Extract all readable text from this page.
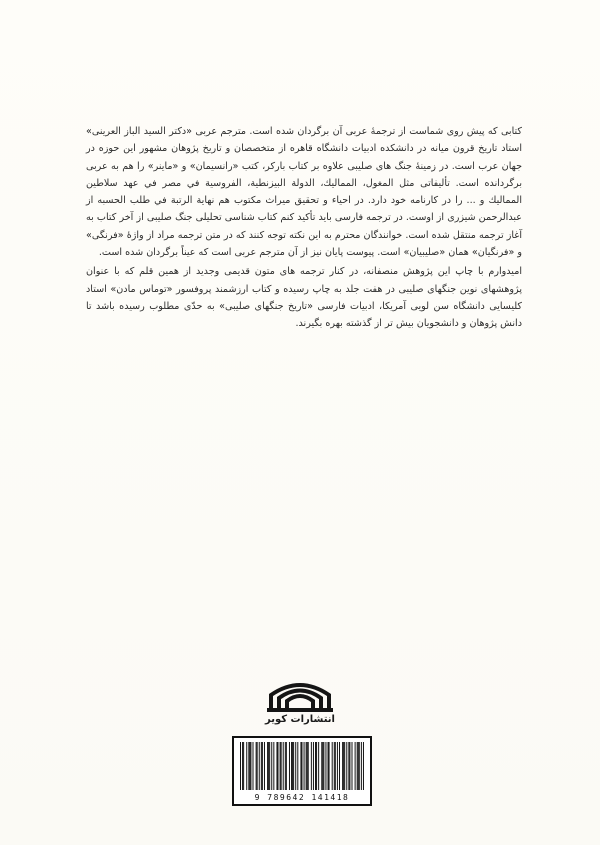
کتابی که پیش روی شماست از ترجمهٔ عربی آن برگردان شده است. مترجم عربی «دکتر السید الباز العرینی» استاد تاریخ قرون میانه در دانشکده ادبیات دانشگاه قاهره از متخصصان و تاریخ پژوهان مشهور این حوزه در جهان عرب است. در زمینهٔ جنگ های صلیبی علاوه بر کتاب بارکر، کتب «رانسیمان» و «ماینر» را هم به عربی برگردانده است. تألیفاتی مثل المغول، المماليك، الدولة البيزنطية، الفروسية في مصر في عهد سلاطين المماليك و ... را در کارنامه خود دارد. در احیاء و تحقیق میراث مکتوب هم نهاية الرتبة في طلب الحسبه از عبدالرحمن شیزری از اوست. در ترجمه فارسی باید تأکید کنم کتاب شناسی تحلیلی جنگ صلیبی از آخر کتاب به آغاز ترجمه منتقل شده است. خوانندگان محترم به این نکته توجه کنند که در متن ترجمه مراد از واژهٔ «فرنگی» و «فرنگیان» همان «صلیبیان» است. پیوست پایان نیز از آن مترجم عربی است که عیناً برگردان شده است.

امیدوارم با چاپ این پژوهش منصفانه، در کنار ترجمه های متون قدیمی وجدید از همین قلم که با عنوان پژوهشهای نوین جنگهای صلیبی در هفت جلد به چاپ رسیده و کتاب ارزشمند پروفسور «توماس مادن» استاد کلیسایی دانشگاه سن لویی آمریکا، ادبیات فارسی «تاریخ جنگهای صلیبی» به حدّی مطلوب رسیده باشد تا دانش پژوهان و دانشجویان بیش تر از گذشته بهره بگیرند.

انتشارات کویر
9 789642 141418
